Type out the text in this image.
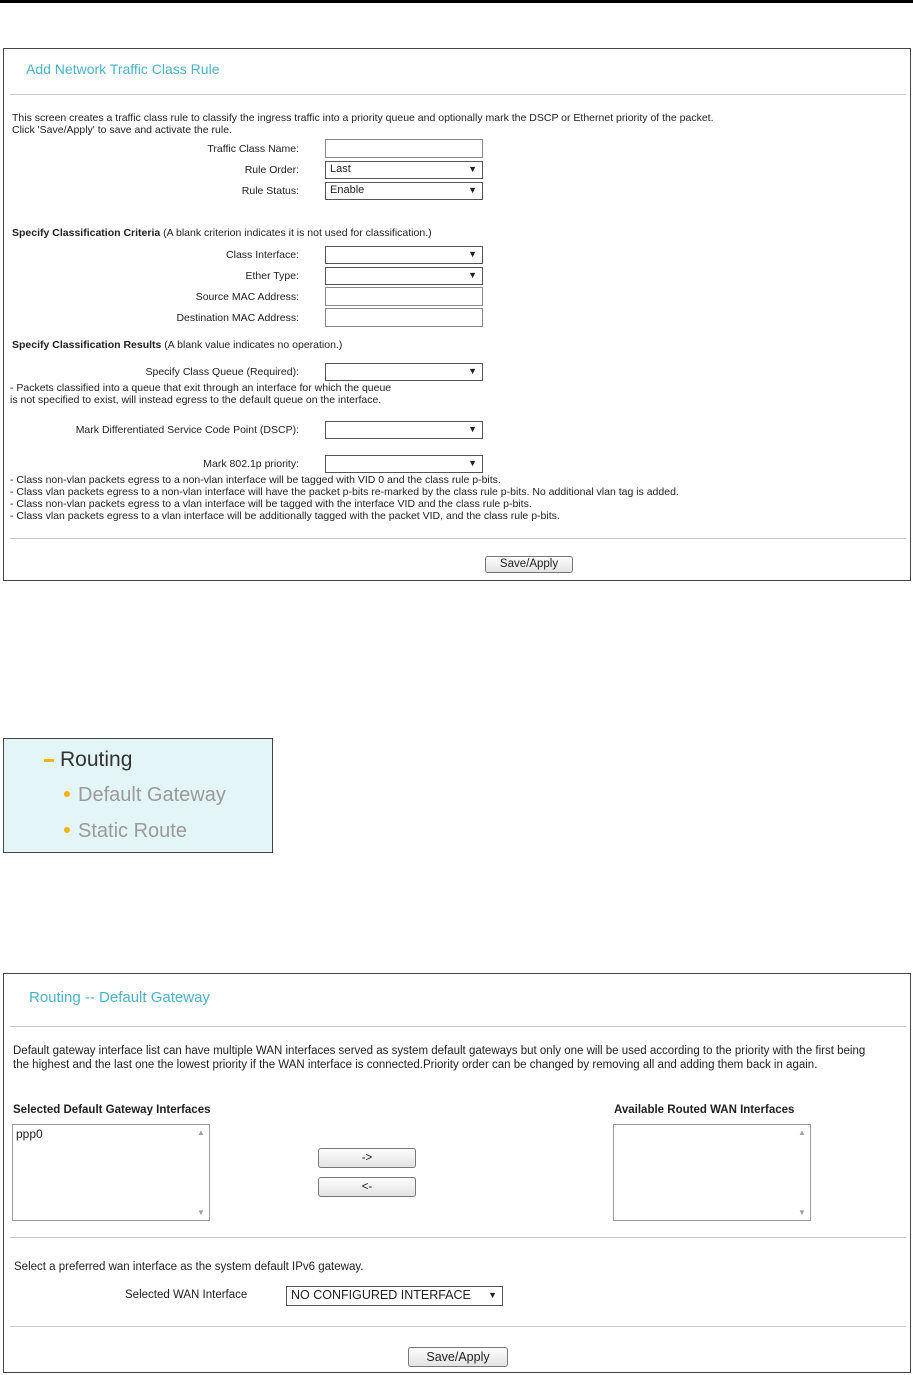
Add Network Traffic Class Rule
This screen creates a traffic class rule to classify the ingress traffic into a priority queue and optionally mark the DSCP or Ethernet priority of the packet.
Click 'Save/Apply' to save and activate the rule.
Traffic Class Name:
Rule Order:	Last	▼
Rule Status:	Enable	▼
Specify Classification Criteria (A blank criterion indicates it is not used for classification.)
Class Interface:	▼
Ether Type:	▼
Source MAC Address:
Destination MAC Address:
Specify Classification Results (A blank value indicates no operation.)
Specify Class Queue (Required):	▼
- Packets classified into a queue that exit through an interface for which the queue
is not specified to exist, will instead egress to the default queue on the interface.
Mark Differentiated Service Code Point (DSCP):	▼
Mark 802.1p priority:	▼
- Class non-vlan packets egress to a non-vlan interface will be tagged with VID 0 and the class rule p-bits.
- Class vlan packets egress to a non-vlan interface will have the packet p-bits re-marked by the class rule p-bits. No additional vlan tag is added.
- Class non-vlan packets egress to a vlan interface will be tagged with the interface VID and the class rule p-bits.
- Class vlan packets egress to a vlan interface will be additionally tagged with the packet VID, and the class rule p-bits.
Save/Apply
Routing
Default Gateway
Static Route
Routing -- Default Gateway
Default gateway interface list can have multiple WAN interfaces served as system default gateways but only one will be used according to the priority with the first being
the highest and the last one the lowest priority if the WAN interface is connected.Priority order can be changed by removing all and adding them back in again.
Selected Default Gateway Interfaces	Available Routed WAN Interfaces
ppp0	▲
▼
->
<-
▲
▼
Select a preferred wan interface as the system default IPv6 gateway.
Selected WAN Interface	NO CONFIGURED INTERFACE ▼
Save/Apply
